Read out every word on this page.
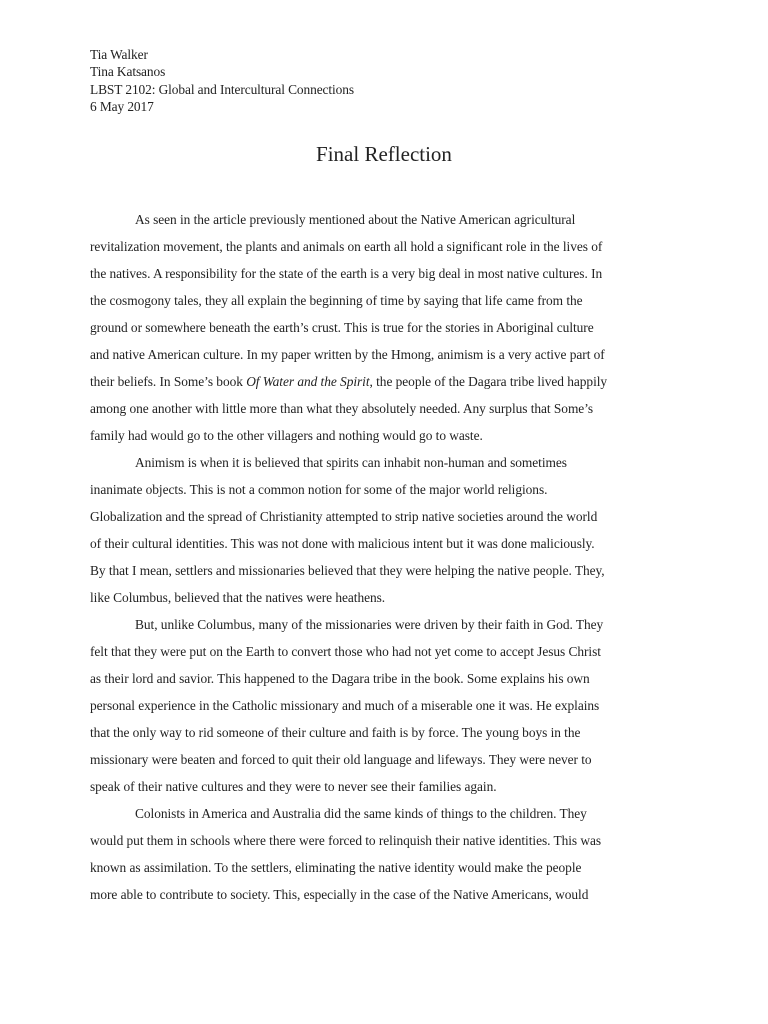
Tia Walker
Tina Katsanos
LBST 2102: Global and Intercultural Connections
6 May 2017
Final Reflection
As seen in the article previously mentioned about the Native American agricultural
revitalization movement, the plants and animals on earth all hold a significant role in the lives of
the natives. A responsibility for the state of the earth is a very big deal in most native cultures. In
the cosmogony tales, they all explain the beginning of time by saying that life came from the
ground or somewhere beneath the earth’s crust. This is true for the stories in Aboriginal culture
and native American culture. In my paper written by the Hmong, animism is a very active part of
their beliefs. In Some’s book Of Water and the Spirit, the people of the Dagara tribe lived happily
among one another with little more than what they absolutely needed. Any surplus that Some’s
family had would go to the other villagers and nothing would go to waste.
Animism is when it is believed that spirits can inhabit non-human and sometimes
inanimate objects. This is not a common notion for some of the major world religions.
Globalization and the spread of Christianity attempted to strip native societies around the world
of their cultural identities. This was not done with malicious intent but it was done maliciously.
By that I mean, settlers and missionaries believed that they were helping the native people. They,
like Columbus, believed that the natives were heathens.
But, unlike Columbus, many of the missionaries were driven by their faith in God. They
felt that they were put on the Earth to convert those who had not yet come to accept Jesus Christ
as their lord and savior. This happened to the Dagara tribe in the book. Some explains his own
personal experience in the Catholic missionary and much of a miserable one it was. He explains
that the only way to rid someone of their culture and faith is by force. The young boys in the
missionary were beaten and forced to quit their old language and lifeways. They were never to
speak of their native cultures and they were to never see their families again.
Colonists in America and Australia did the same kinds of things to the children. They
would put them in schools where there were forced to relinquish their native identities. This was
known as assimilation. To the settlers, eliminating the native identity would make the people
more able to contribute to society. This, especially in the case of the Native Americans, would
